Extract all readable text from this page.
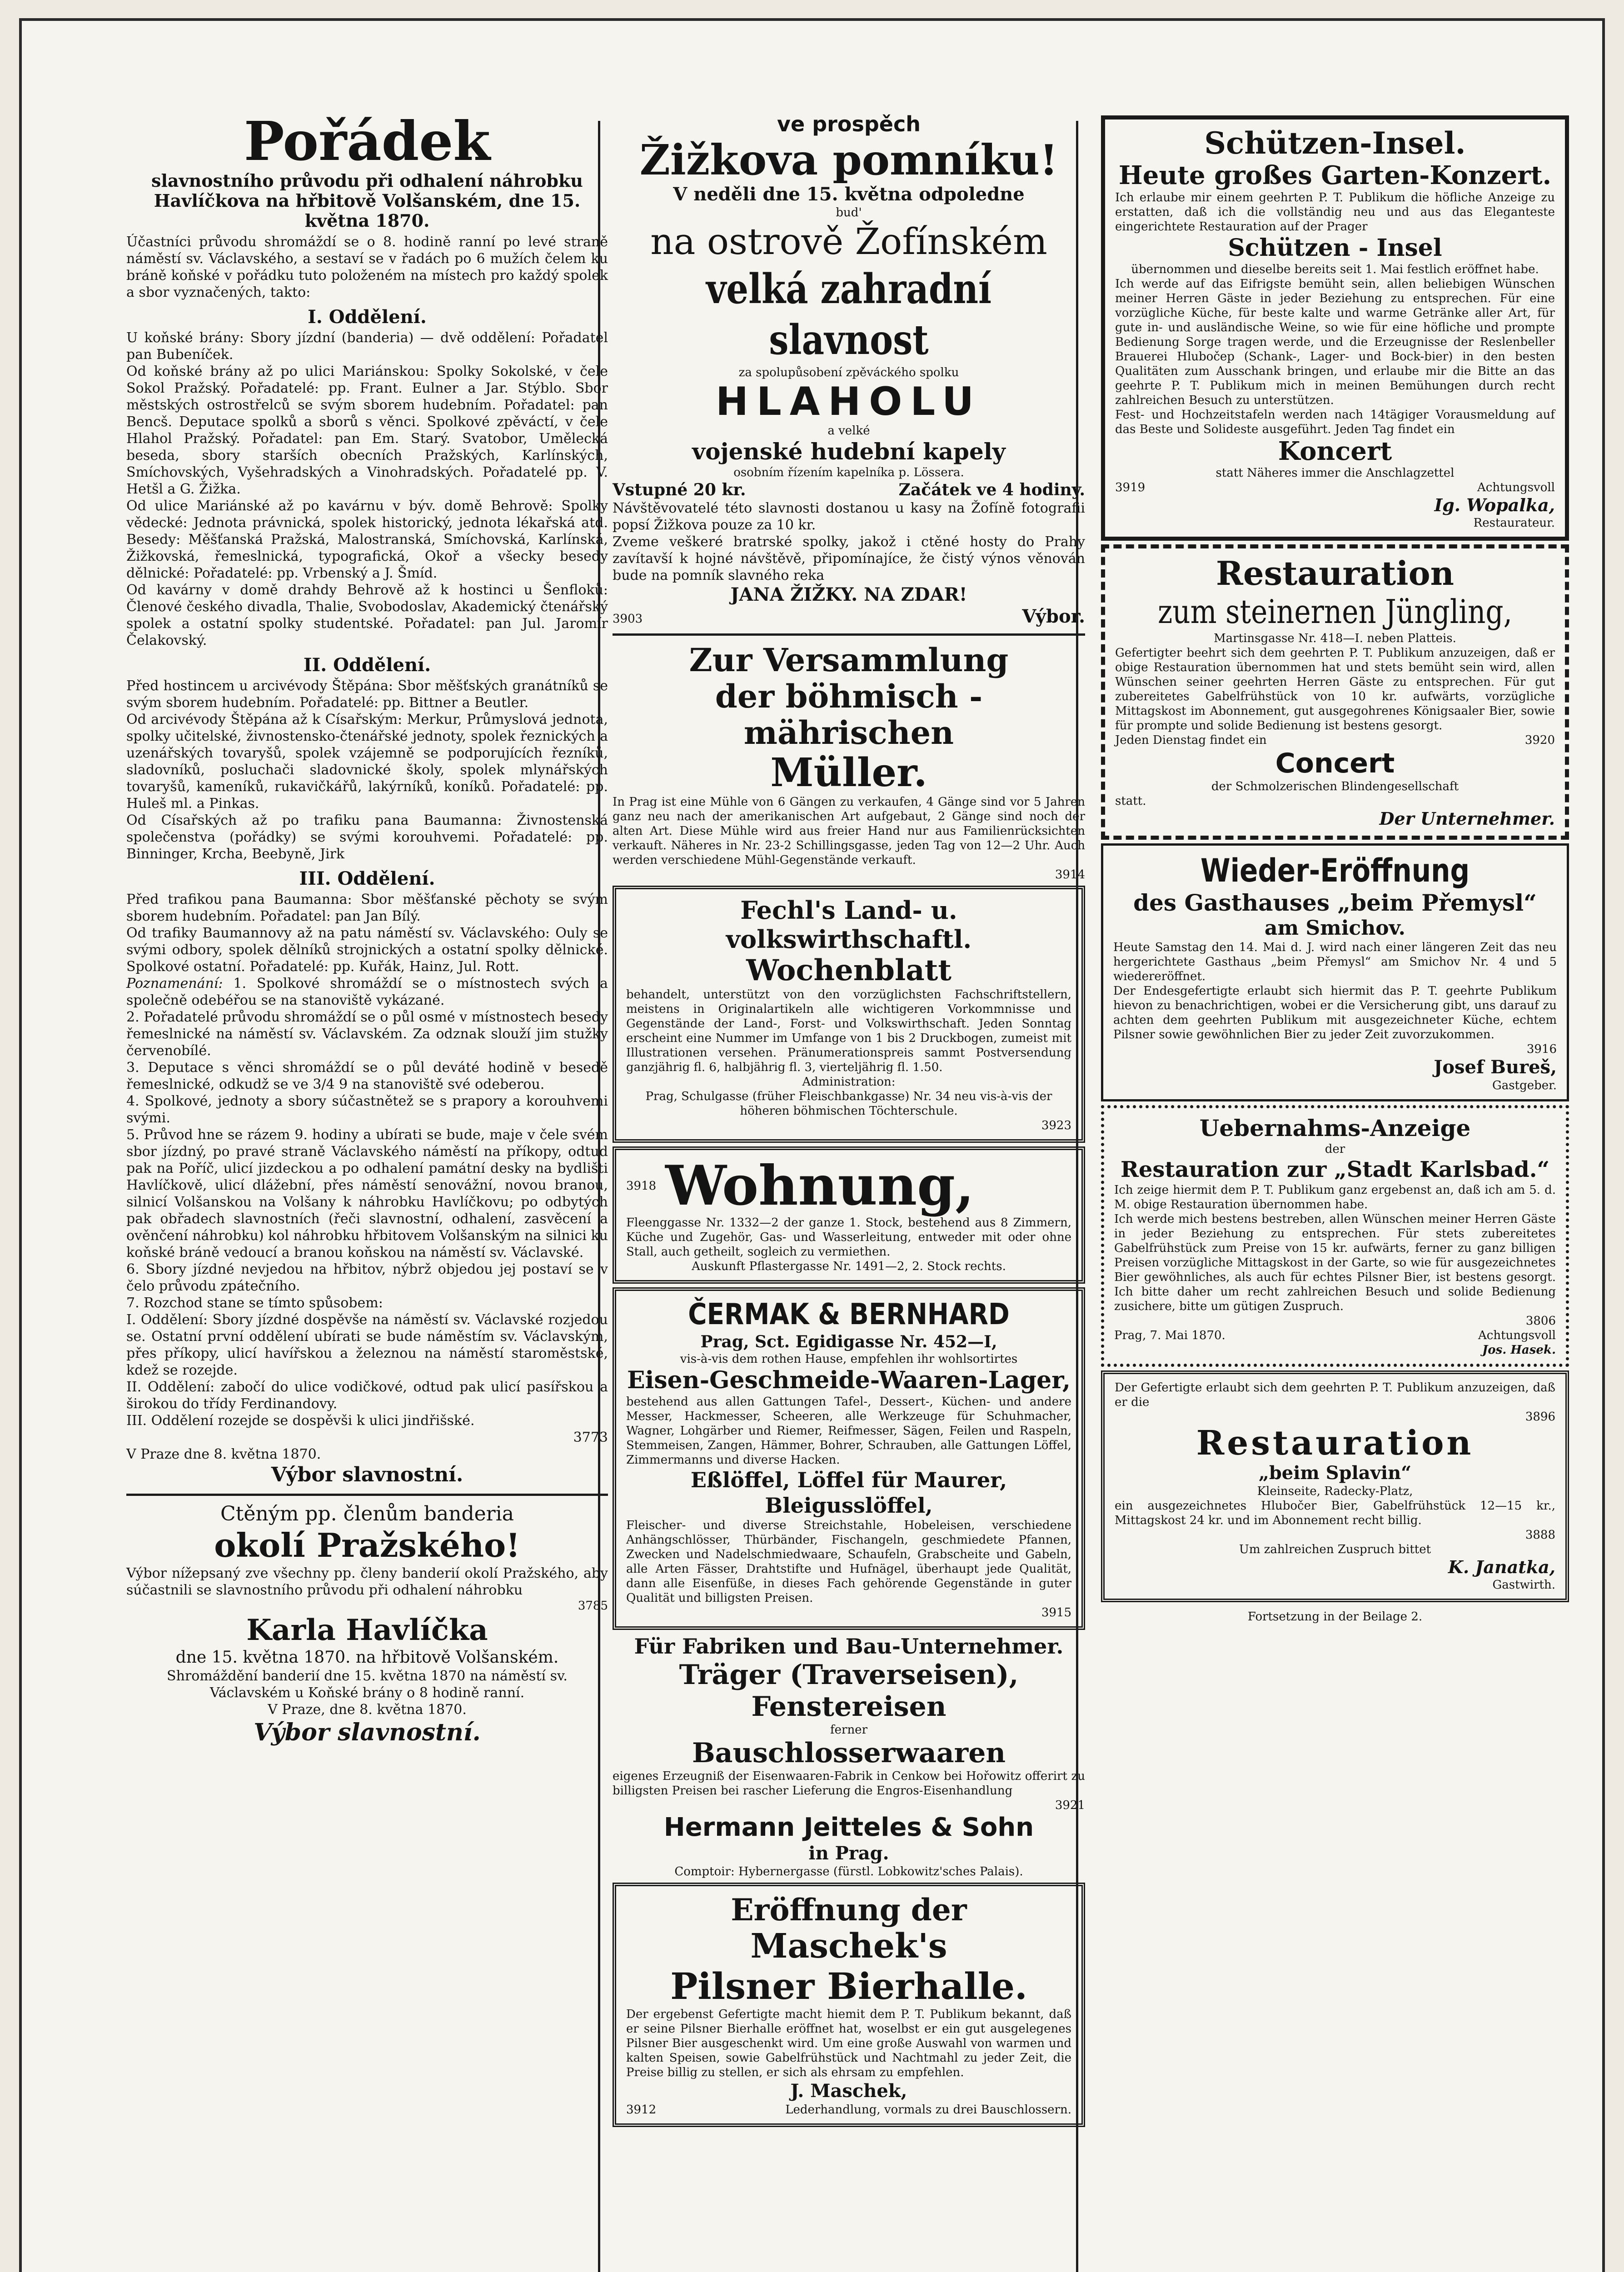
Pořádek

slavnostního průvodu při odhalení náhrobku Havlíčkova na hřbitově Volšanském, dne 15. května 1870.

Účastníci průvodu shromáždí se o 8. hodině ranní po levé straně náměstí sv. Václavského, a sestaví se v řadách po 6 mužích čelem ku bráně koňské v pořádku tuto položeném na místech pro každý spolek a sbor vyznačených, takto:

I. Oddělení.

U koňské brány: Sbory jízdní (banderia) — dvě oddělení: Pořadatel pan Bubeníček.

Od koňské brány až po ulici Mariánskou: Spolky Sokolské, v čele Sokol Pražský. Pořadatelé: pp. Frant. Eulner a Jar. Stýblo. Sbor městských ostrostřelců se svým sborem hudebním. Pořadatel: pan Bencš. Deputace spolků a sborů s věnci. Spolkové zpěváctí, v čele Hlahol Pražský. Pořadatel: pan Em. Starý. Svatobor, Umělecká beseda, sbory starších obecních Pražských, Karlínských, Smíchovských, Vyšehradských a Vinohradských. Pořadatelé pp. V. Hetšl a G. Žižka.

Od ulice Mariánské až po kavárnu v býv. domě Behrově: Spolky vědecké: Jednota právnická, spolek historický, jednota lékařská atd. Besedy: Měšťanská Pražská, Malostranská, Smíchovská, Karlínská, Žižkovská, řemeslnická, typografická, Okoř a všecky besedy dělnické: Pořadatelé: pp. Vrbenský a J. Šmíd.

Od kavárny v domě drahdy Behrově až k hostinci u Šenfloků: Členové českého divadla, Thalie, Svobodoslav, Akademický čtenářský spolek a ostatní spolky studentské. Pořadatel: pan Jul. Jaromír Čelakovský.

II. Oddělení.

Před hostincem u arcivévody Štěpána: Sbor měšťských granátníků se svým sborem hudebním. Pořadatelé: pp. Bittner a Beutler.

Od arcivévody Štěpána až k Císařským: Merkur, Průmyslová jednota, spolky učitelské, živnostensko-čtenářské jednoty, spolek řeznických a uzenářských tovaryšů, spolek vzájemně se podporujících řezníků, sladovníků, posluchači sladovnické školy, spolek mlynářských tovaryšů, kameníků, rukavičkářů, lakýrníků, koníků. Pořadatelé: pp. Huleš ml. a Pinkas.

Od Císařských až po trafiku pana Baumanna: Živnostenská společenstva (pořádky) se svými korouhvemi. Pořadatelé: pp. Binninger, Krcha, Beebyně, Jirk

III. Oddělení.

Před trafikou pana Baumanna: Sbor měšťanské pěchoty se svým sborem hudebním. Pořadatel: pan Jan Bílý.

Od trafiky Baumannovy až na patu náměstí sv. Václavského: Ouly se svými odbory, spolek dělníků strojnických a ostatní spolky dělnické. Spolkové ostatní. Pořadatelé: pp. Kuřák, Hainz, Jul. Rott.

Poznamenání: 1. Spolkové shromáždí se o místnostech svých a společně odebéřou se na stanoviště vykázané.

2. Pořadatelé průvodu shromáždí se o půl osmé v místnostech besedy řemeslnické na náměstí sv. Václavském. Za odznak slouží jim stužky červenobílé.

3. Deputace s věnci shromáždí se o půl deváté hodině v besedě řemeslnické, odkudž se ve 3/4 9 na stanoviště své odeberou.

4. Spolkové, jednoty a sbory súčastnětež se s prapory a korouhvemi svými.

5. Průvod hne se rázem 9. hodiny a ubírati se bude, maje v čele svém sbor jízdný, po pravé straně Václavského náměstí na příkopy, odtud pak na Poříč, ulicí jizdeckou a po odhalení památní desky na bydlišti Havlíčkově, ulicí dlážební, přes náměstí senovážní, novou branou, silnicí Volšanskou na Volšany k náhrobku Havlíčkovu; po odbytých pak obřadech slavnostních (řeči slavnostní, odhalení, zasvěcení a ověnčení náhrobku) kol náhrobku hřbitovem Volšanským na silnici ku koňské bráně vedoucí a branou koňskou na náměstí sv. Václavské.

6. Sbory jízdné nevjedou na hřbitov, nýbrž objedou jej postaví se v čelo průvodu zpátečního.

7. Rozchod stane se tímto spůsobem:

I. Oddělení: Sbory jízdné dospěvše na náměstí sv. Václavské rozjedou se. Ostatní první oddělení ubírati se bude náměstím sv. Václavským, přes příkopy, ulicí havířskou a železnou na náměstí staroměstské, kdež se rozejde.

II. Oddělení: zabočí do ulice vodičkové, odtud pak ulicí pasířskou a širokou do třídy Ferdinandovy.

III. Oddělení rozejde se dospěvši k ulici jindřišské.

3773

V Praze dne 8. května 1870.

Výbor slavnostní.

Ctěným pp. členům banderia

okolí Pražského!

Výbor nížepsaný zve všechny pp. členy banderií okolí Pražského, aby súčastnili se slavnostního průvodu při odhalení náhrobku

3785

Karla Havlíčka

dne 15. května 1870. na hřbitově Volšanském.

Shromáždění banderií dne 15. května 1870 na náměstí sv. Václavském u Koňské brány o 8 hodině ranní.

V Praze, dne 8. května 1870.

Výbor slavnostní.

ve prospěch

Žižkova pomníku!

V neděli dne 15. května odpoledne

bud'

na ostrově Žofínském

velká zahradní slavnost

za spolupůsobení zpěváckého spolku

HLAHOLU

a velké

vojenské hudební kapely

osobním řízením kapelníka p. Lössera.

Vstupné 20 kr.	Začátek ve 4 hodiny.

Návštěvovatelé této slavnosti dostanou u kasy na Žofíně fotografii popsí Žižkova pouze za 10 kr.

Zveme veškeré bratrské spolky, jakož i ctěné hosty do Prahy zavítavší k hojné návštěvě, připomínajíce, že čistý výnos věnován bude na pomník slavného reka

JANA ŽIŽKY. NA ZDAR!

3903	Výbor.

Zur Versammlung

der böhmisch - mährischen

Müller.

In Prag ist eine Mühle von 6 Gängen zu verkaufen, 4 Gänge sind vor 5 Jahren ganz neu nach der amerikanischen Art aufgebaut, 2 Gänge sind noch der alten Art. Diese Mühle wird aus freier Hand nur aus Familienrücksichten verkauft. Näheres in Nr. 23-2 Schillingsgasse, jeden Tag von 12—2 Uhr. Auch werden verschiedene Mühl-Gegenstände verkauft.

3914

Fechl's Land- u. volkswirthschaftl.

Wochenblatt

behandelt, unterstützt von den vorzüglichsten Fachschriftstellern, meistens in Originalartikeln alle wichtigeren Vorkommnisse und Gegenstände der Land-, Forst- und Volkswirthschaft. Jeden Sonntag erscheint eine Nummer im Umfange von 1 bis 2 Druckbogen, zumeist mit Illustrationen versehen. Pränumerationspreis sammt Postversendung ganzjährig fl. 6, halbjährig fl. 3, vierteljährig fl. 1.50.

Administration:

Prag, Schulgasse (früher Fleischbankgasse) Nr. 34 neu vis-à-vis der höheren böhmischen Töchterschule.

3923

3918 Wohnung,

Fleenggasse Nr. 1332—2 der ganze 1. Stock, bestehend aus 8 Zimmern, Küche und Zugehör, Gas- und Wasserleitung, entweder mit oder ohne Stall, auch getheilt, sogleich zu vermiethen.

Auskunft Pflastergasse Nr. 1491—2, 2. Stock rechts.

ČERMAK & BERNHARD

Prag, Sct. Egidigasse Nr. 452—I,

vis-à-vis dem rothen Hause, empfehlen ihr wohlsortirtes

Eisen-Geschmeide-Waaren-Lager,

bestehend aus allen Gattungen Tafel-, Dessert-, Küchen- und andere Messer, Hackmesser, Scheeren, alle Werkzeuge für Schuhmacher, Wagner, Lohgärber und Riemer, Reifmesser, Sägen, Feilen und Raspeln, Stemmeisen, Zangen, Hämmer, Bohrer, Schrauben, alle Gattungen Löffel, Zimmermanns und diverse Hacken.

Eßlöffel, Löffel für Maurer, Bleigusslöffel,

Fleischer- und diverse Streichstahle, Hobeleisen, verschiedene Anhängschlösser, Thürbänder, Fischangeln, geschmiedete Pfannen, Zwecken und Nadelschmiedwaare, Schaufeln, Grabscheite und Gabeln, alle Arten Fässer, Drahtstifte und Hufnägel, überhaupt jede Qualität, dann alle Eisenfüße, in dieses Fach gehörende Gegenstände in guter Qualität und billigsten Preisen.

3915

Für Fabriken und Bau-Unternehmer.

Träger (Traverseisen), Fenstereisen

ferner

Bauschlosserwaaren

eigenes Erzeugniß der Eisenwaaren-Fabrik in Cenkow bei Hořowitz offerirt zu billigsten Preisen bei rascher Lieferung die Engros-Eisenhandlung

3921

Hermann Jeitteles & Sohn

in Prag.

Comptoir: Hybernergasse (fürstl. Lobkowitz'sches Palais).

Eröffnung der

Maschek's

Pilsner Bierhalle.

Der ergebenst Gefertigte macht hiemit dem P. T. Publikum bekannt, daß er seine Pilsner Bierhalle eröffnet hat, woselbst er ein gut ausgelegenes Pilsner Bier ausgeschenkt wird. Um eine große Auswahl von warmen und kalten Speisen, sowie Gabelfrühstück und Nachtmahl zu jeder Zeit, die Preise billig zu stellen, er sich als ehrsam zu empfehlen.

J. Maschek,

3912	Lederhandlung, vormals zu drei Bauschlossern.

Schützen-Insel.

Heute großes Garten-Konzert.

Ich erlaube mir einem geehrten P. T. Publikum die höfliche Anzeige zu erstatten, daß ich die vollständig neu und aus das Eleganteste eingerichtete Restauration auf der Prager

Schützen - Insel

übernommen und dieselbe bereits seit 1. Mai festlich eröffnet habe.

Ich werde auf das Eifrigste bemüht sein, allen beliebigen Wünschen meiner Herren Gäste in jeder Beziehung zu entsprechen. Für eine vorzügliche Küche, für beste kalte und warme Getränke aller Art, für gute in- und ausländische Weine, so wie für eine höfliche und prompte Bedienung Sorge tragen werde, und die Erzeugnisse der Reslenbeller Brauerei Hlubočep (Schank-, Lager- und Bock-bier) in den besten Qualitäten zum Ausschank bringen, und erlaube mir die Bitte an das geehrte P. T. Publikum mich in meinen Bemühungen durch recht zahlreichen Besuch zu unterstützen.

Fest- und Hochzeitstafeln werden nach 14tägiger Vorausmeldung auf das Beste und Solideste ausgeführt. Jeden Tag findet ein

Koncert

statt Näheres immer die Anschlagzettel

3919	Achtungsvoll

Ig. Wopalka,

Restaurateur.

Restauration

zum steinernen Jüngling,

Martinsgasse Nr. 418—I. neben Platteis.

Gefertigter beehrt sich dem geehrten P. T. Publikum anzuzeigen, daß er obige Restauration übernommen hat und stets bemüht sein wird, allen Wünschen seiner geehrten Herren Gäste zu entsprechen. Für gut zubereitetes Gabelfrühstück von 10 kr. aufwärts, vorzügliche Mittagskost im Abonnement, gut ausgegohrenes Königsaaler Bier, sowie für prompte und solide Bedienung ist bestens gesorgt.

Jeden Dienstag findet ein	3920

Concert

der Schmolzerischen Blindengesellschaft

statt.

Der Unternehmer.

Wieder-Eröffnung

des Gasthauses „beim Přemysl“

am Smichov.

Heute Samstag den 14. Mai d. J. wird nach einer längeren Zeit das neu hergerichtete Gasthaus „beim Přemysl“ am Smichov Nr. 4 und 5 wiedereröffnet.

Der Endesgefertigte erlaubt sich hiermit das P. T. geehrte Publikum hievon zu benachrichtigen, wobei er die Versicherung gibt, uns darauf zu achten dem geehrten Publikum mit ausgezeichneter Küche, echtem Pilsner sowie gewöhnlichen Bier zu jeder Zeit zuvorzukommen.

3916

Josef Bureš,

Gastgeber.

Uebernahms-Anzeige

der

Restauration zur „Stadt Karlsbad.“

Ich zeige hiermit dem P. T. Publikum ganz ergebenst an, daß ich am 5. d. M. obige Restauration übernommen habe.

Ich werde mich bestens bestreben, allen Wünschen meiner Herren Gäste in jeder Beziehung zu entsprechen. Für stets zubereitetes Gabelfrühstück zum Preise von 15 kr. aufwärts, ferner zu ganz billigen Preisen vorzügliche Mittagskost in der Garte, so wie für ausgezeichnetes Bier gewöhnliches, als auch für echtes Pilsner Bier, ist bestens gesorgt. Ich bitte daher um recht zahlreichen Besuch und solide Bedienung zusichere, bitte um gütigen Zuspruch.

3806

Prag, 7. Mai 1870.	Achtungsvoll

Jos. Hasek.

Der Gefertigte erlaubt sich dem geehrten P. T. Publikum anzuzeigen, daß er die

3896

Restauration

„beim Splavin“

Kleinseite, Radecky-Platz,

ein ausgezeichnetes Hlubočer Bier, Gabelfrühstück 12—15 kr., Mittagskost 24 kr. und im Abonnement recht billig.

3888

Um zahlreichen Zuspruch bittet

K. Janatka,

Gastwirth.

Fortsetzung in der Beilage 2.
